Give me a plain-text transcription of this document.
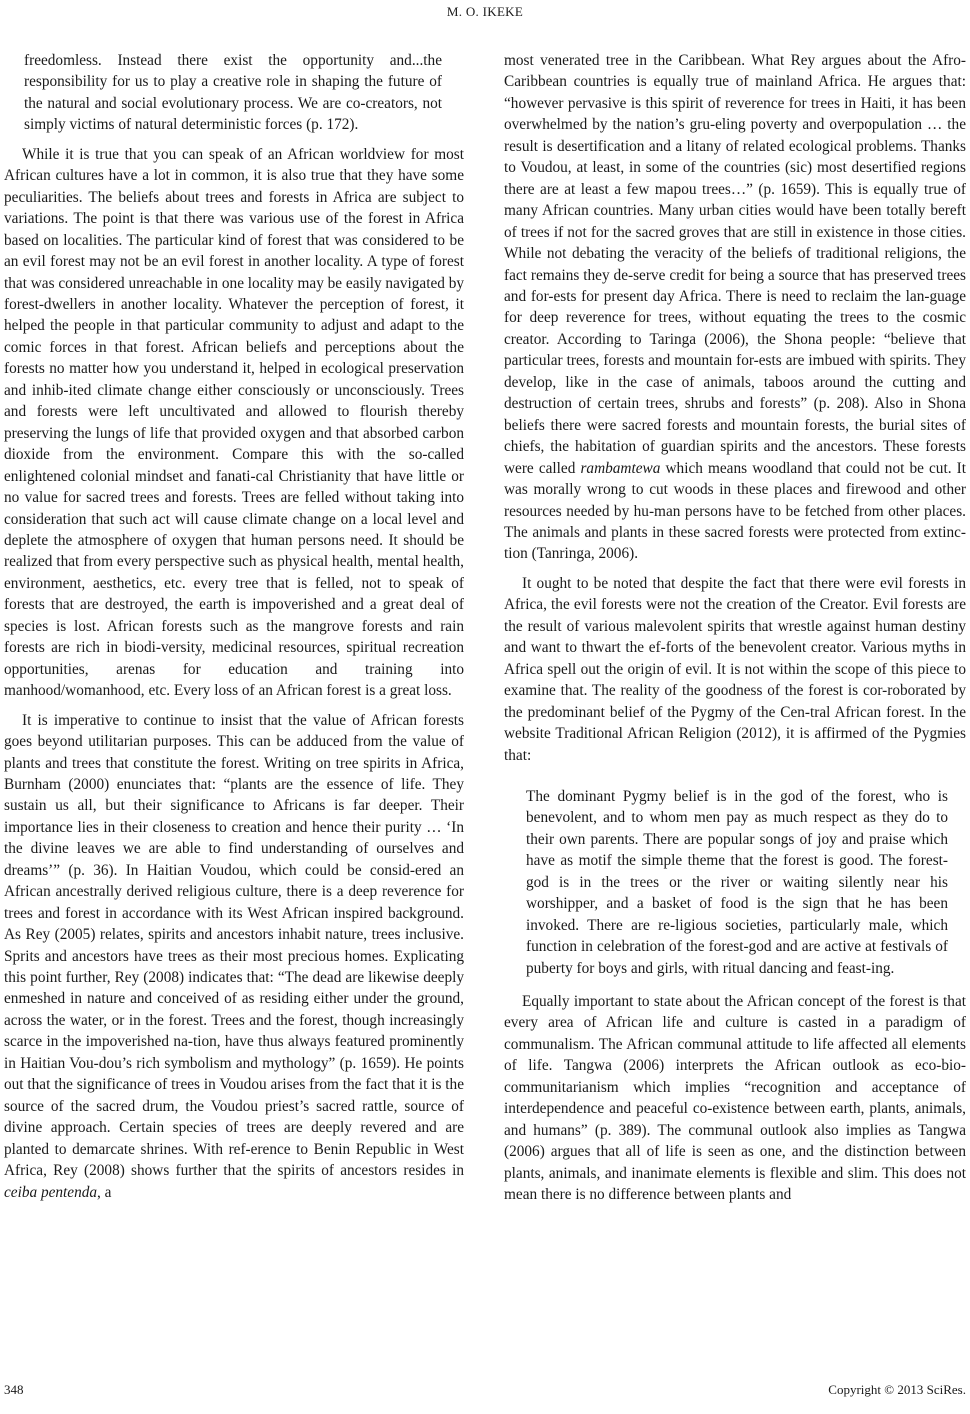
M. O. IKEKE

freedomless. Instead there exist the opportunity and...the responsibility for us to play a creative role in shaping the future of the natural and social evolutionary process. We are co-creators, not simply victims of natural deterministic forces (p. 172).

While it is true that you can speak of an African worldview for most African cultures have a lot in common, it is also true that they have some peculiarities. The beliefs about trees and forests in Africa are subject to variations. The point is that there was various use of the forest in Africa based on localities. The particular kind of forest that was considered to be an evil forest may not be an evil forest in another locality. A type of forest that was considered unreachable in one locality may be easily navigated by forest-dwellers in another locality. Whatever the perception of forest, it helped the people in that particular community to adjust and adapt to the comic forces in that forest. African beliefs and perceptions about the forests no matter how you understand it, helped in ecological preservation and inhib-ited climate change either consciously or unconsciously. Trees and forests were left uncultivated and allowed to flourish thereby preserving the lungs of life that provided oxygen and that absorbed carbon dioxide from the environment. Compare this with the so-called enlightened colonial mindset and fanati-cal Christianity that have little or no value for sacred trees and forests. Trees are felled without taking into consideration that such act will cause climate change on a local level and deplete the atmosphere of oxygen that human persons need. It should be realized that from every perspective such as physical health, mental health, environment, aesthetics, etc. every tree that is felled, not to speak of forests that are destroyed, the earth is impoverished and a great deal of species is lost. African forests such as the mangrove forests and rain forests are rich in biodi-versity, medicinal resources, spiritual recreation opportunities, arenas for education and training into manhood/womanhood, etc. Every loss of an African forest is a great loss.

It is imperative to continue to insist that the value of African forests goes beyond utilitarian purposes. This can be adduced from the value of plants and trees that constitute the forest. Writing on tree spirits in Africa, Burnham (2000) enunciates that: “plants are the essence of life. They sustain us all, but their significance to Africans is far deeper. Their importance lies in their closeness to creation and hence their purity … ‘In the divine leaves we are able to find understanding of ourselves and dreams’” (p. 36). In Haitian Voudou, which could be consid-ered an African ancestrally derived religious culture, there is a deep reverence for trees and forest in accordance with its West African inspired background. As Rey (2005) relates, spirits and ancestors inhabit nature, trees inclusive. Sprits and ancestors have trees as their most precious homes. Explicating this point further, Rey (2008) indicates that: “The dead are likewise deeply enmeshed in nature and conceived of as residing either under the ground, across the water, or in the forest. Trees and the forest, though increasingly scarce in the impoverished na-tion, have thus always featured prominently in Haitian Vou-dou’s rich symbolism and mythology” (p. 1659). He points out that the significance of trees in Voudou arises from the fact that it is the source of the sacred drum, the Voudou priest’s sacred rattle, source of divine approach. Certain species of trees are deeply revered and are planted to demarcate shrines. With ref-erence to Benin Republic in West Africa, Rey (2008) shows further that the spirits of ancestors resides in ceiba pentenda, a

most venerated tree in the Caribbean. What Rey argues about the Afro-Caribbean countries is equally true of mainland Africa. He argues that: “however pervasive is this spirit of reverence for trees in Haiti, it has been overwhelmed by the nation’s gru-eling poverty and overpopulation … the result is desertification and a litany of related ecological problems. Thanks to Voudou, at least, in some of the countries (sic) most desertified regions there are at least a few mapou trees…” (p. 1659). This is equally true of many African countries. Many urban cities would have been totally bereft of trees if not for the sacred groves that are still in existence in those cities. While not debating the veracity of the beliefs of traditional religions, the fact remains they de-serve credit for being a source that has preserved trees and for-ests for present day Africa. There is need to reclaim the lan-guage for deep reverence for trees, without equating the trees to the cosmic creator. According to Taringa (2006), the Shona people: “believe that particular trees, forests and mountain for-ests are imbued with spirits. They develop, like in the case of animals, taboos around the cutting and destruction of certain trees, shrubs and forests” (p. 208). Also in Shona beliefs there were sacred forests and mountain forests, the burial sites of chiefs, the habitation of guardian spirits and the ancestors. These forests were called rambamtewa which means woodland that could not be cut. It was morally wrong to cut woods in these places and firewood and other resources needed by hu-man persons have to be fetched from other places. The animals and plants in these sacred forests were protected from extinc-tion (Tanringa, 2006).

It ought to be noted that despite the fact that there were evil forests in Africa, the evil forests were not the creation of the Creator. Evil forests are the result of various malevolent spirits that wrestle against human destiny and want to thwart the ef-forts of the benevolent creator. Various myths in Africa spell out the origin of evil. It is not within the scope of this piece to examine that. The reality of the goodness of the forest is cor-roborated by the predominant belief of the Pygmy of the Cen-tral African forest. In the website Traditional African Religion (2012), it is affirmed of the Pygmies that:

The dominant Pygmy belief is in the god of the forest, who is benevolent, and to whom men pay as much respect as they do to their own parents. There are popular songs of joy and praise which have as motif the simple theme that the forest is good. The forest-god is in the trees or the river or waiting silently near his worshipper, and a basket of food is the sign that he has been invoked. There are re-ligious societies, particularly male, which function in celebration of the forest-god and are active at festivals of puberty for boys and girls, with ritual dancing and feast-ing.

Equally important to state about the African concept of the forest is that every area of African life and culture is casted in a paradigm of communalism. The African communal attitude to life affected all elements of life. Tangwa (2006) interprets the African outlook as eco-bio-communitarianism which implies “recognition and acceptance of interdependence and peaceful co-existence between earth, plants, animals, and humans” (p. 389). The communal outlook also implies as Tangwa (2006) argues that all of life is seen as one, and the distinction between plants, animals, and inanimate elements is flexible and slim. This does not mean there is no difference between plants and

348	Copyright © 2013 SciRes.
